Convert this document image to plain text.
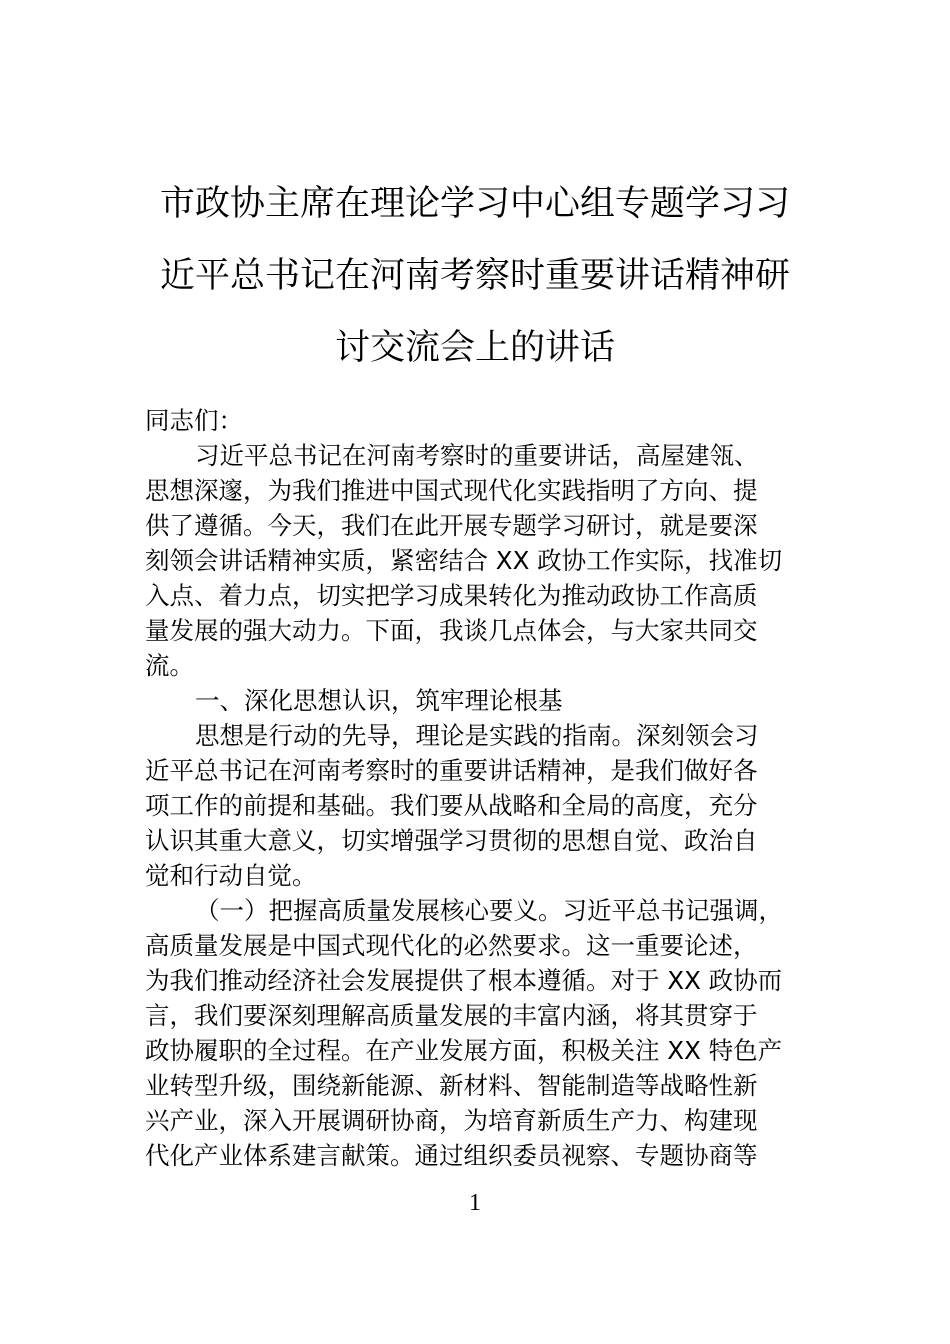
市政协主席在理论学习中心组专题学习习
近平总书记在河南考察时重要讲话精神研
讨交流会上的讲话

同志们：

习近平总书记在河南考察时的重要讲话，高屋建瓴、

思想深邃，为我们推进中国式现代化实践指明了方向、提

供了遵循。今天，我们在此开展专题学习研讨，就是要深

刻领会讲话精神实质，紧密结合 XX 政协工作实际，找准切

入点、着力点，切实把学习成果转化为推动政协工作高质

量发展的强大动力。下面，我谈几点体会，与大家共同交

流。

一、深化思想认识，筑牢理论根基

思想是行动的先导，理论是实践的指南。深刻领会习

近平总书记在河南考察时的重要讲话精神，是我们做好各

项工作的前提和基础。我们要从战略和全局的高度，充分

认识其重大意义，切实增强学习贯彻的思想自觉、政治自

觉和行动自觉。

（一）把握高质量发展核心要义。习近平总书记强调，

高质量发展是中国式现代化的必然要求。这一重要论述，

为我们推动经济社会发展提供了根本遵循。对于 XX 政协而

言，我们要深刻理解高质量发展的丰富内涵，将其贯穿于

政协履职的全过程。在产业发展方面，积极关注 XX 特色产

业转型升级，围绕新能源、新材料、智能制造等战略性新

兴产业，深入开展调研协商，为培育新质生产力、构建现

代化产业体系建言献策。通过组织委员视察、专题协商等

1
